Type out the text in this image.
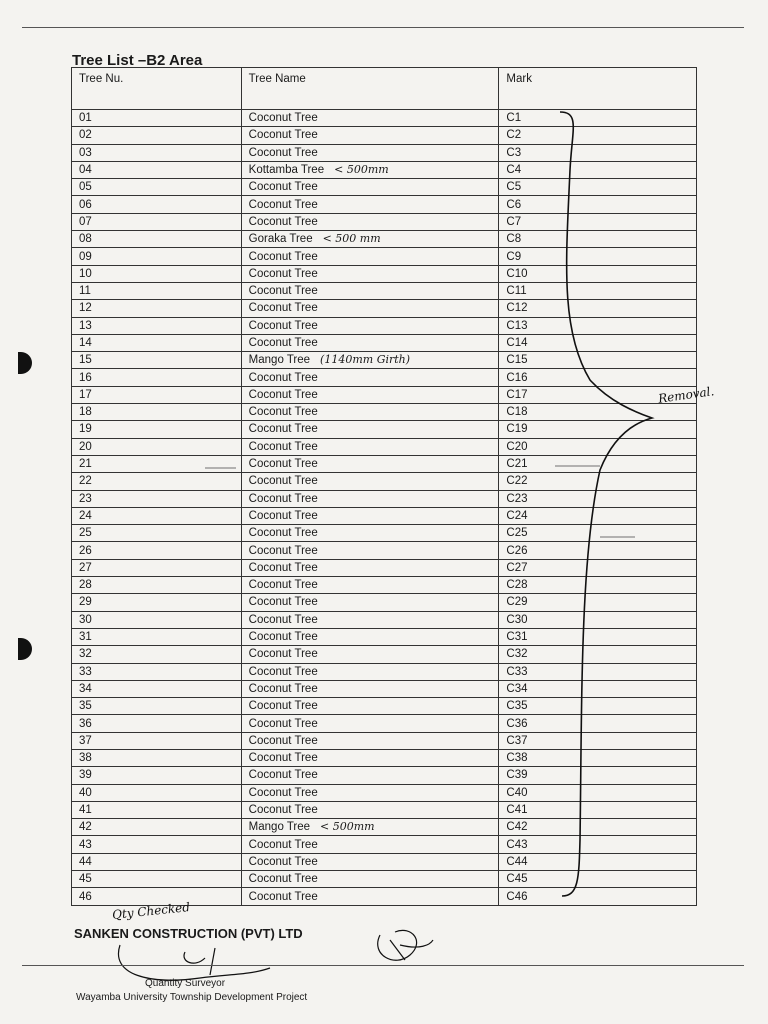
Tree List –B2 Area
Tree Nu.	Tree Name	Mark
01	Coconut Tree	C1
02	Coconut Tree	C2
03	Coconut Tree	C3
04	Kottamba Tree < 500mm	C4
05	Coconut Tree	C5
06	Coconut Tree	C6
07	Coconut Tree	C7
08	Goraka Tree < 500 mm	C8
09	Coconut Tree	C9
10	Coconut Tree	C10
11	Coconut Tree	C11
12	Coconut Tree	C12
13	Coconut Tree	C13
14	Coconut Tree	C14
15	Mango Tree (1140mm Girth)	C15
16	Coconut Tree	C16
17	Coconut Tree	C17
18	Coconut Tree	C18
19	Coconut Tree	C19
20	Coconut Tree	C20
21	Coconut Tree	C21
22	Coconut Tree	C22
23	Coconut Tree	C23
24	Coconut Tree	C24
25	Coconut Tree	C25
26	Coconut Tree	C26
27	Coconut Tree	C27
28	Coconut Tree	C28
29	Coconut Tree	C29
30	Coconut Tree	C30
31	Coconut Tree	C31
32	Coconut Tree	C32
33	Coconut Tree	C33
34	Coconut Tree	C34
35	Coconut Tree	C35
36	Coconut Tree	C36
37	Coconut Tree	C37
38	Coconut Tree	C38
39	Coconut Tree	C39
40	Coconut Tree	C40
41	Coconut Tree	C41
42	Mango Tree < 500mm	C42
43	Coconut Tree	C43
44	Coconut Tree	C44
45	Coconut Tree	C45
46	Coconut Tree	C46
Removal.
Qty Checked
SANKEN CONSTRUCTION (PVT) LTD
Quantity Surveyor
Wayamba University Township Development Project
